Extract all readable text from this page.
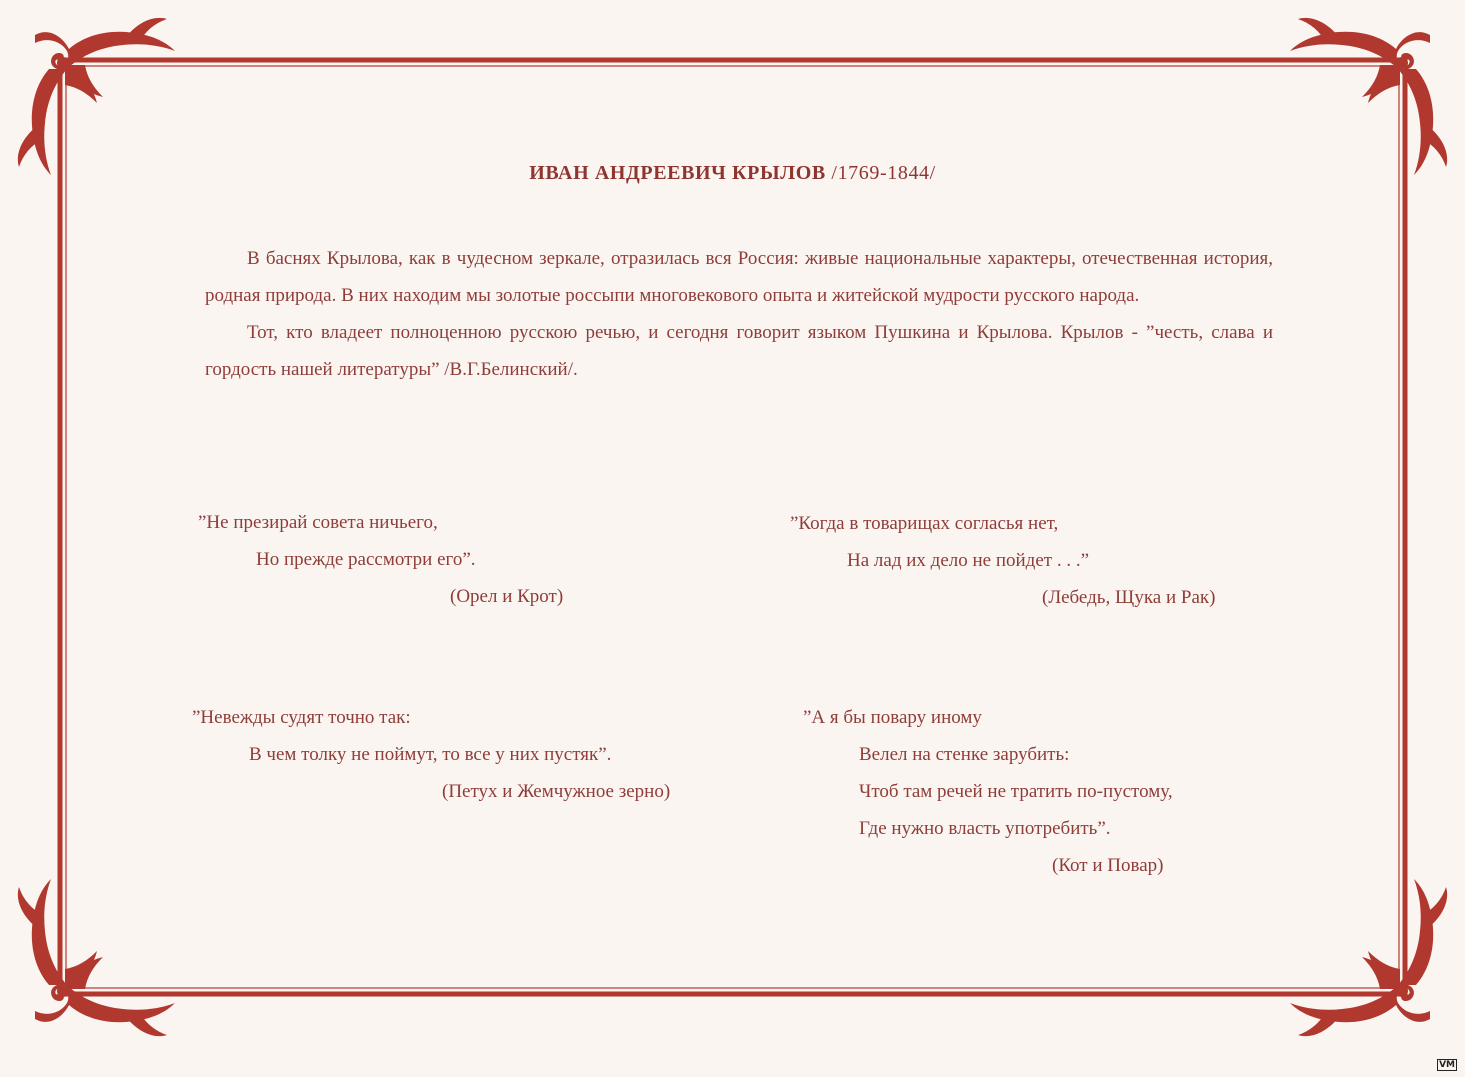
ИВАН АНДРЕЕВИЧ КРЫЛОВ /1769-1844/

В баснях Крылова, как в чудесном зеркале, отразилась вся Россия: живые национальные характеры, отечественная история, родная природа. В них находим мы золотые россыпи многовекового опыта и житейской мудрости русского народа.

Тот, кто владеет полноценною русскою речью, и сегодня говорит языком Пушкина и Крылова. Крылов - ”честь, слава и гордость нашей литературы” /В.Г.Белинский/.

”Не презирай совета ничьего,
Но прежде рассмотри его”.
(Орел и Крот)
”Когда в товарищах согласья нет,
На лад их дело не пойдет . . .”
(Лебедь, Щука и Рак)
”Невежды судят точно так:
В чем толку не поймут, то все у них пустяк”.
(Петух и Жемчужное зерно)
”А я бы повару иному
Велел на стенке зарубить:
Чтоб там речей не тратить по-пустому,
Где нужно власть употребить”.
(Кот и Повар)
VM
